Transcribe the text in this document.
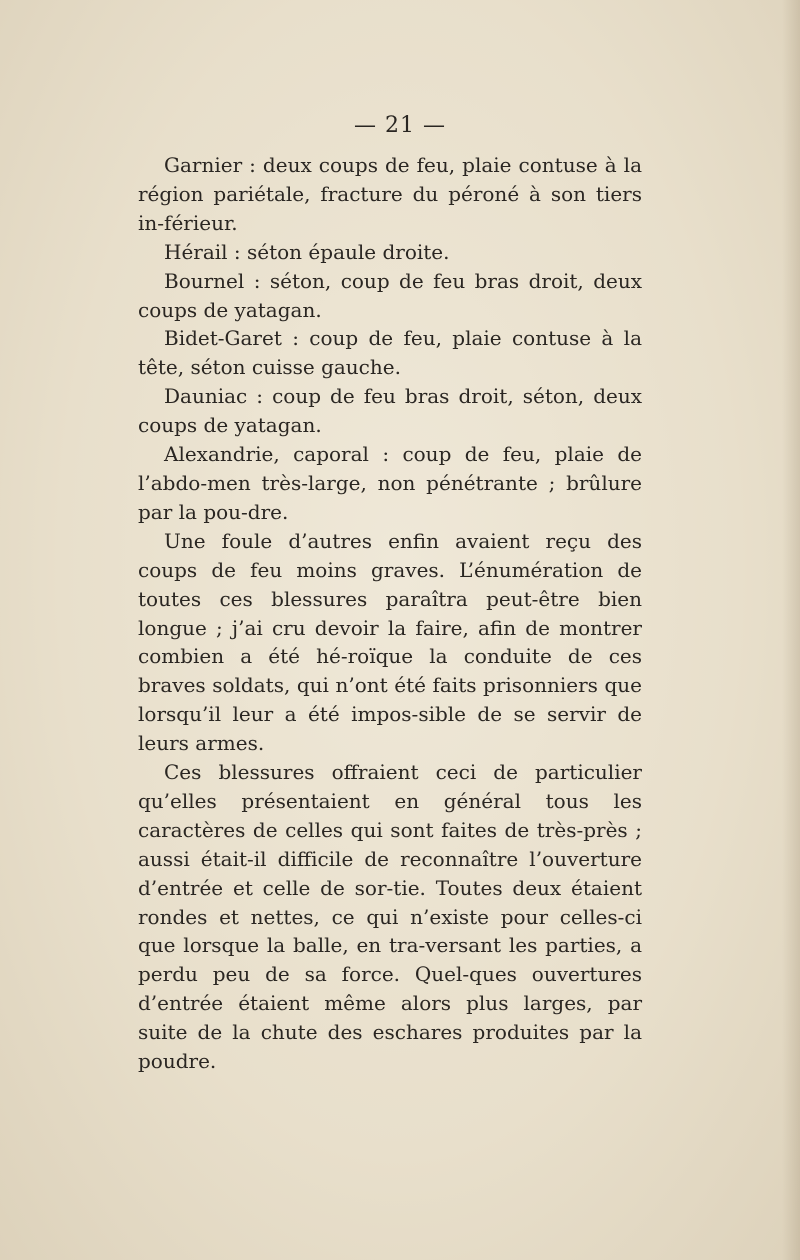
— 21 —

Garnier : deux coups de feu, plaie contuse à la région pariétale, fracture du péroné à son tiers in-férieur.

Hérail : séton épaule droite.

Bournel : séton, coup de feu bras droit, deux coups de yatagan.

Bidet-Garet : coup de feu, plaie contuse à la tête, séton cuisse gauche.

Dauniac : coup de feu bras droit, séton, deux coups de yatagan.

Alexandrie, caporal : coup de feu, plaie de l’abdo-men très-large, non pénétrante ; brûlure par la pou-dre.

Une foule d’autres enfin avaient reçu des coups de feu moins graves. L’énumération de toutes ces blessures paraîtra peut-être bien longue ; j’ai cru devoir la faire, afin de montrer combien a été hé-roïque la conduite de ces braves soldats, qui n’ont été faits prisonniers que lorsqu’il leur a été impos-sible de se servir de leurs armes.

Ces blessures offraient ceci de particulier qu’elles présentaient en général tous les caractères de celles qui sont faites de très-près ; aussi était-il difficile de reconnaître l’ouverture d’entrée et celle de sor-tie. Toutes deux étaient rondes et nettes, ce qui n’existe pour celles-ci que lorsque la balle, en tra-versant les parties, a perdu peu de sa force. Quel-ques ouvertures d’entrée étaient même alors plus larges, par suite de la chute des eschares produites par la poudre.
